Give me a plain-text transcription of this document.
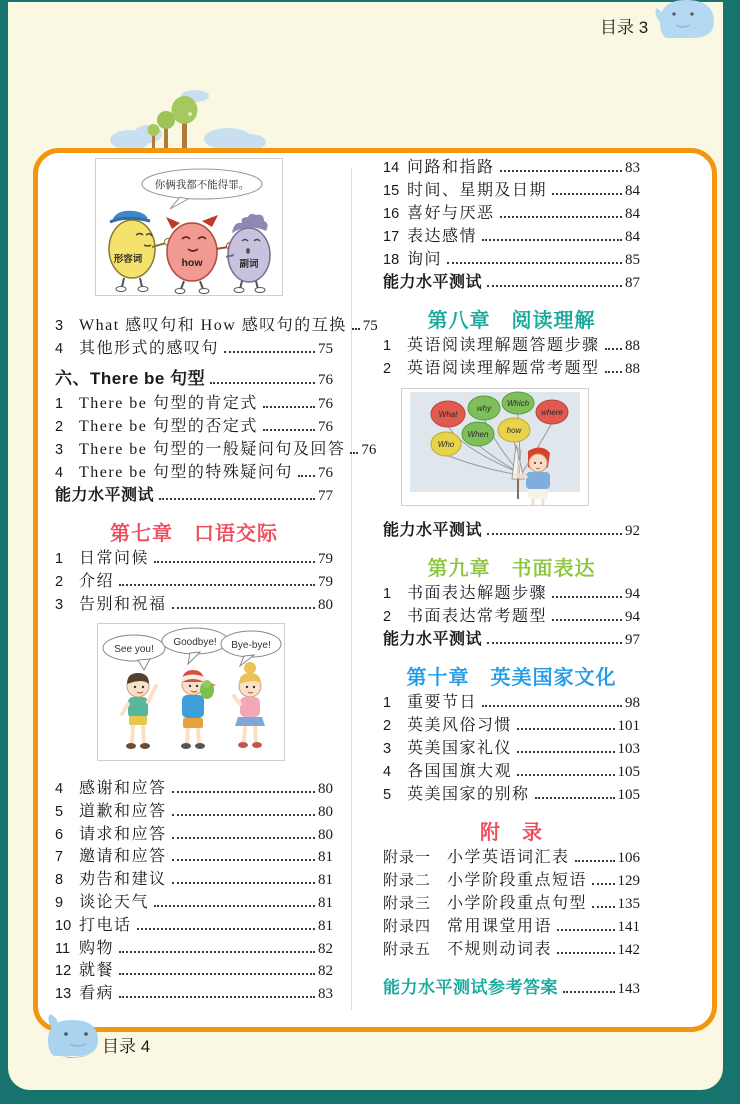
目录 3
你俩我都不能得罪。
形容词	how	副词
3 What 感叹句和 How 感叹句的互换 75
4 其他形式的感叹句	75
六、There be 句型	76
1 There be 句型的肯定式	76
2 There be 句型的否定式	76
3 There be 句型的一般疑问句及回答 76
4 There be 句型的特殊疑问句 76
能力水平测试	77
第七章　口语交际
1 日常问候	79
2 介绍	79
3 告别和祝福	80
See you!
Goodbye! Bye-bye!
4 感谢和应答	80
5 道歉和应答	80
6 请求和应答	80
7 邀请和应答	81
8 劝告和建议	81
9 谈论天气	81
10 打电话	81
11 购物	82
12 就餐	82
13 看病	83
14 问路和指路	83
15 时间、星期及日期	84
16 喜好与厌恶	84
17 表达感情	84
18 询问	85
能力水平测试	87
第八章　阅读理解
1 英语阅读理解题答题步骤 88
2 英语阅读理解题常考题型 88
What
why
Which
where
When how
Who
能力水平测试	92
第九章　书面表达
1 书面表达解题步骤	94
2 书面表达常考题型	94
能力水平测试	97
第十章　英美国家文化
1 重要节日	98
2 英美风俗习惯	101
3 英美国家礼仪	103
4 各国国旗大观	105
5 英美国家的别称	105
附　录
附录一 小学英语词汇表	106
附录二 小学阶段重点短语 129
附录三 小学阶段重点句型 135
附录四 常用课堂用语	141
附录五 不规则动词表	142
能力水平测试参考答案	143
目录 4
